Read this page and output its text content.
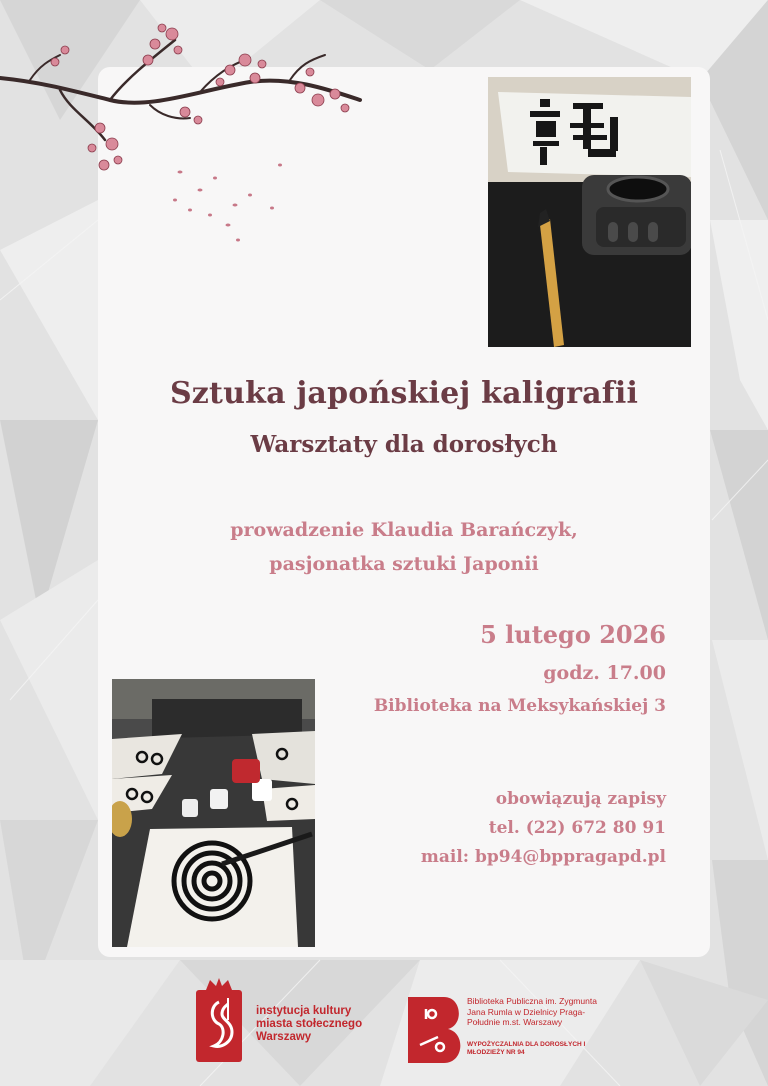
Sztuka japońskiej kaligrafii
Warsztaty dla dorosłych
prowadzenie Klaudia Barańczyk,
pasjonatka sztuki Japonii
5 lutego 2026
godz. 17.00
Biblioteka na Meksykańskiej 3
obowiązują zapisy
tel. (22) 672 80 91
mail: bp94@bppragapd.pl
instytucja kultury miasta stołecznego Warszawy
Biblioteka Publiczna im. Zygmunta Jana Rumla w Dzielnicy Praga-Południe m.st. Warszawy
WYPOŻYCZALNIA DLA DOROSŁYCH I MŁODZIEŻY NR 94
